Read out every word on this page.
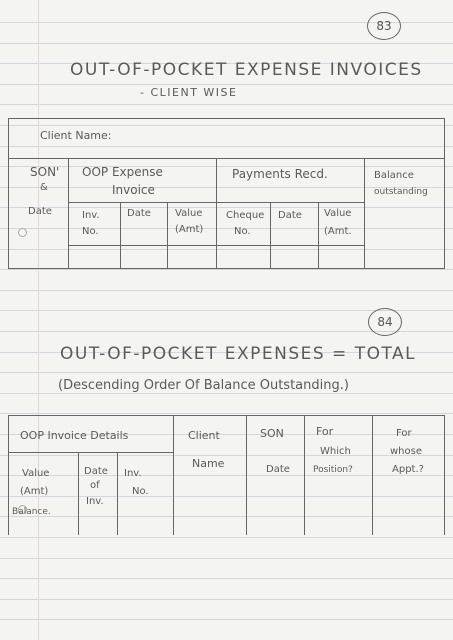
83
OUT-OF-POCKET EXPENSE INVOICES
- CLIENT WISE
Client Name:
SON'
&
Date
OOP Expense
Invoice
Inv.
No.
Date Value
(Amt)
Payments Recd.
Cheque
No.
Date Value
(Amt.
Balance
outstanding
84
OUT-OF-POCKET EXPENSES = TOTAL
(Descending Order Of Balance Outstanding.)
OOP Invoice Details
Value
(Amt)
Balance.
Date
of
Inv.
Inv.
No.
Client
Name
SON
Date
For
Which
Position?
For
whose
Appt.?
